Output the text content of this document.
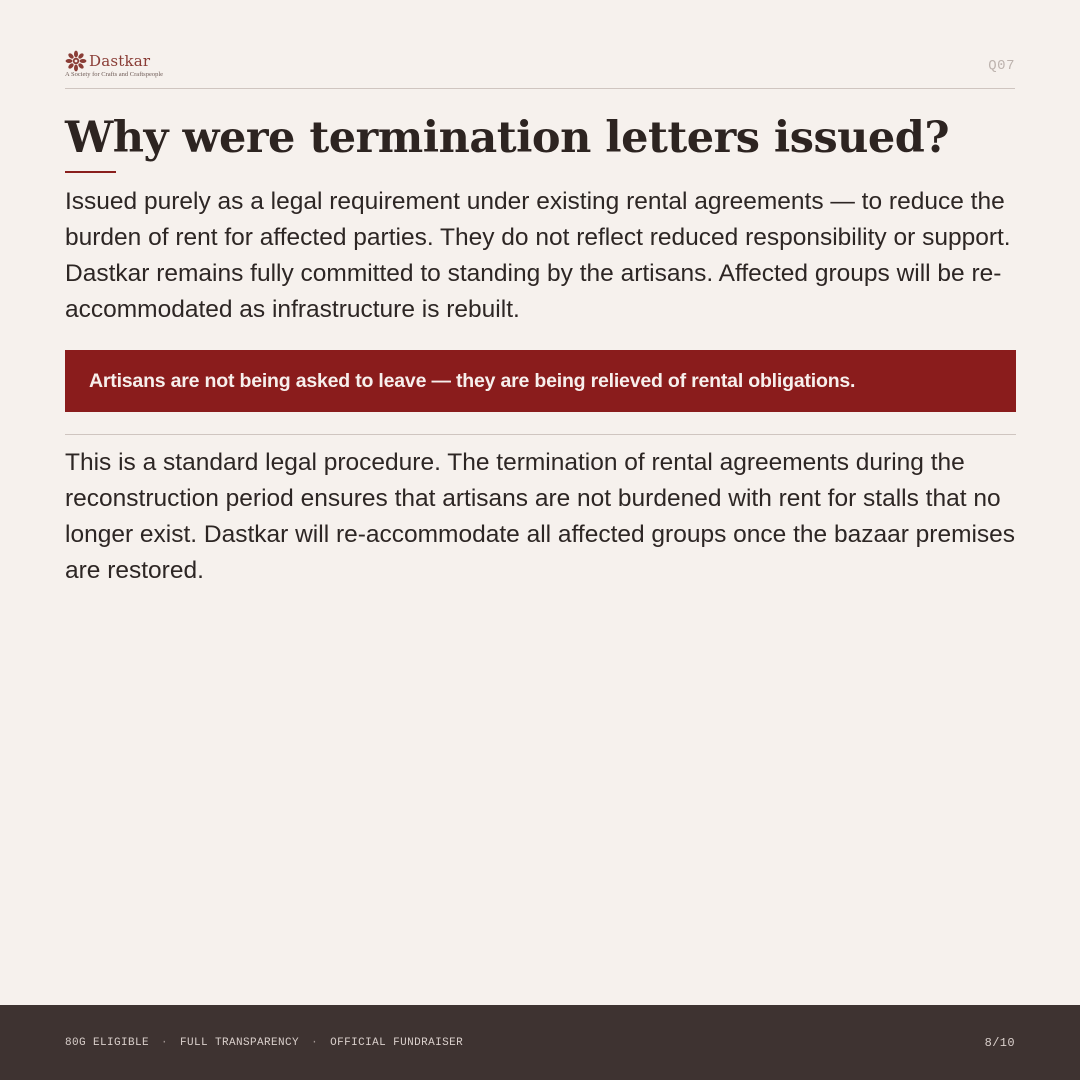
Dastkar
A Society for Crafts and Craftspeople
Q07
Why were termination letters issued?

Issued purely as a legal requirement under existing rental agreements — to reduce the burden of rent for affected parties. They do not reflect reduced responsibility or support. Dastkar remains fully committed to standing by the artisans. Affected groups will be re-accommodated as infrastructure is rebuilt.

Artisans are not being asked to leave — they are being relieved of rental obligations.

This is a standard legal procedure. The termination of rental agreements during the reconstruction period ensures that artisans are not burdened with rent for stalls that no longer exist. Dastkar will re-accommodate all affected groups once the bazaar premises are restored.

80G ELIGIBLE · FULL TRANSPARENCY · OFFICIAL FUNDRAISER	8/10
